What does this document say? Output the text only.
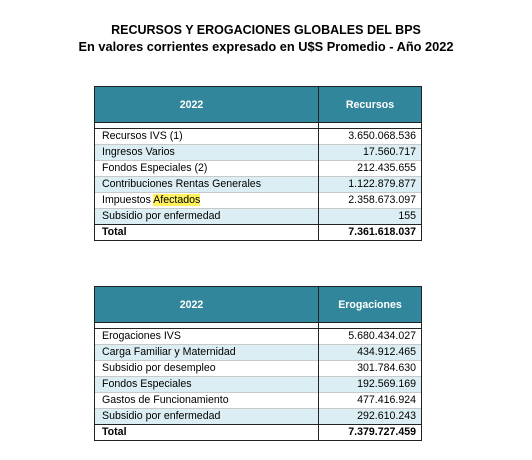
RECURSOS Y EROGACIONES GLOBALES DEL BPS
En valores corrientes expresado en U$S Promedio - Año 2022
2022	Recursos

Recursos IVS (1)	3.650.068.536
Ingresos Varios	17.560.717
Fondos Especiales (2)	212.435.655
Contribuciones Rentas Generales	1.122.879.877
Impuestos Afectados	2.358.673.097
Subsidio por enfermedad	155
Total	7.361.618.037
2022	Erogaciones

Erogaciones IVS	5.680.434.027
Carga Familiar y Maternidad	434.912.465
Subsidio por desempleo	301.784.630
Fondos Especiales	192.569.169
Gastos de Funcionamiento	477.416.924
Subsidio por enfermedad	292.610.243
Total	7.379.727.459
